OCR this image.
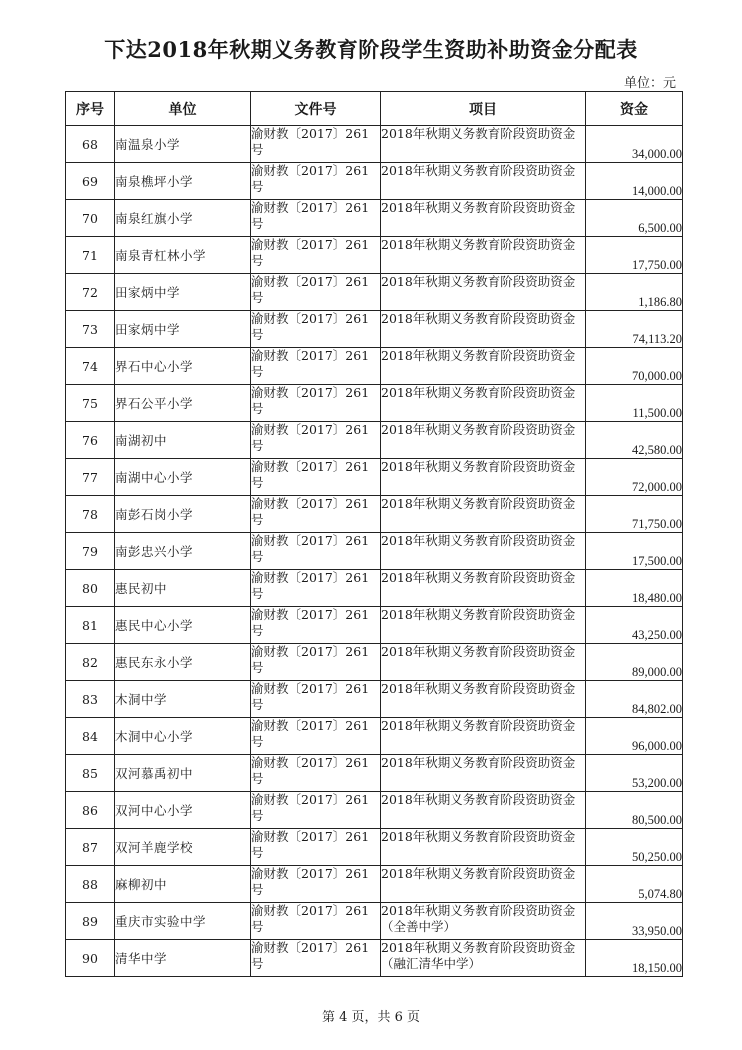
下达2018年秋期义务教育阶段学生资助补助资金分配表
单位：元
序号	单位	文件号	项目	资金
68	南温泉小学	渝财教〔2017〕261号	2018年秋期义务教育阶段资助资金	34,000.00
69	南泉樵坪小学	渝财教〔2017〕261号	2018年秋期义务教育阶段资助资金	14,000.00
70	南泉红旗小学	渝财教〔2017〕261号	2018年秋期义务教育阶段资助资金	6,500.00
71	南泉青杠林小学	渝财教〔2017〕261号	2018年秋期义务教育阶段资助资金	17,750.00
72	田家炳中学	渝财教〔2017〕261号	2018年秋期义务教育阶段资助资金	1,186.80
73	田家炳中学	渝财教〔2017〕261号	2018年秋期义务教育阶段资助资金	74,113.20
74	界石中心小学	渝财教〔2017〕261号	2018年秋期义务教育阶段资助资金	70,000.00
75	界石公平小学	渝财教〔2017〕261号	2018年秋期义务教育阶段资助资金	11,500.00
76	南湖初中	渝财教〔2017〕261号	2018年秋期义务教育阶段资助资金	42,580.00
77	南湖中心小学	渝财教〔2017〕261号	2018年秋期义务教育阶段资助资金	72,000.00
78	南彭石岗小学	渝财教〔2017〕261号	2018年秋期义务教育阶段资助资金	71,750.00
79	南彭忠兴小学	渝财教〔2017〕261号	2018年秋期义务教育阶段资助资金	17,500.00
80	惠民初中	渝财教〔2017〕261号	2018年秋期义务教育阶段资助资金	18,480.00
81	惠民中心小学	渝财教〔2017〕261号	2018年秋期义务教育阶段资助资金	43,250.00
82	惠民东永小学	渝财教〔2017〕261号	2018年秋期义务教育阶段资助资金	89,000.00
83	木洞中学	渝财教〔2017〕261号	2018年秋期义务教育阶段资助资金	84,802.00
84	木洞中心小学	渝财教〔2017〕261号	2018年秋期义务教育阶段资助资金	96,000.00
85	双河慕禹初中	渝财教〔2017〕261号	2018年秋期义务教育阶段资助资金	53,200.00
86	双河中心小学	渝财教〔2017〕261号	2018年秋期义务教育阶段资助资金	80,500.00
87	双河羊鹿学校	渝财教〔2017〕261号	2018年秋期义务教育阶段资助资金	50,250.00
88	麻柳初中	渝财教〔2017〕261号	2018年秋期义务教育阶段资助资金	5,074.80
89	重庆市实验中学	渝财教〔2017〕261号	2018年秋期义务教育阶段资助资金（全善中学）	33,950.00
90	清华中学	渝财教〔2017〕261号	2018年秋期义务教育阶段资助资金（融汇清华中学）	18,150.00
第 4 页，共 6 页
